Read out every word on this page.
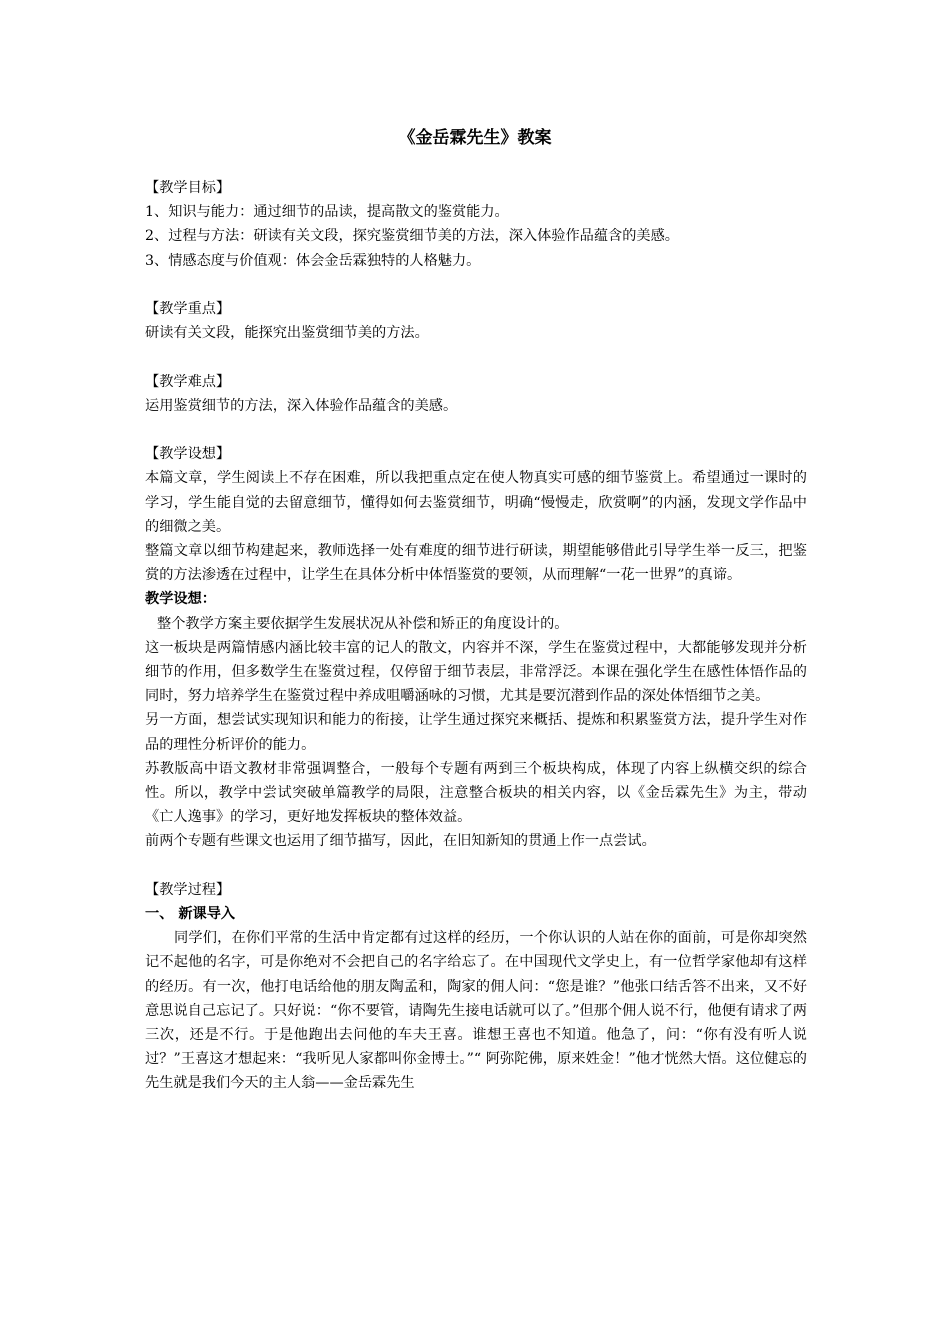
《金岳霖先生》教案

【教学目标】

1、知识与能力：通过细节的品读，提高散文的鉴赏能力。

2、过程与方法：研读有关文段，探究鉴赏细节美的方法，深入体验作品蕴含的美感。

3、情感态度与价值观：体会金岳霖独特的人格魅力。

【教学重点】

研读有关文段，能探究出鉴赏细节美的方法。

【教学难点】

运用鉴赏细节的方法，深入体验作品蕴含的美感。

【教学设想】

本篇文章，学生阅读上不存在困难，所以我把重点定在使人物真实可感的细节鉴赏上。希望通过一课时的学习，学生能自觉的去留意细节，懂得如何去鉴赏细节，明确“慢慢走，欣赏啊”的内涵，发现文学作品中的细微之美。

整篇文章以细节构建起来，教师选择一处有难度的细节进行研读，期望能够借此引导学生举一反三，把鉴赏的方法渗透在过程中，让学生在具体分析中体悟鉴赏的要领，从而理解“一花一世界”的真谛。

教学设想：

整个教学方案主要依据学生发展状况从补偿和矫正的角度设计的。

这一板块是两篇情感内涵比较丰富的记人的散文，内容并不深，学生在鉴赏过程中，大都能够发现并分析细节的作用，但多数学生在鉴赏过程，仅停留于细节表层，非常浮泛。本课在强化学生在感性体悟作品的同时，努力培养学生在鉴赏过程中养成咀嚼涵咏的习惯，尤其是要沉潜到作品的深处体悟细节之美。

另一方面，想尝试实现知识和能力的衔接，让学生通过探究来概括、提炼和积累鉴赏方法，提升学生对作品的理性分析评价的能力。

苏教版高中语文教材非常强调整合，一般每个专题有两到三个板块构成，体现了内容上纵横交织的综合性。所以，教学中尝试突破单篇教学的局限，注意整合板块的相关内容，以《金岳霖先生》为主，带动《亡人逸事》的学习，更好地发挥板块的整体效益。

前两个专题有些课文也运用了细节描写，因此，在旧知新知的贯通上作一点尝试。

【教学过程】

一、 新课导入

同学们，在你们平常的生活中肯定都有过这样的经历，一个你认识的人站在你的面前，可是你却突然记不起他的名字，可是你绝对不会把自己的名字给忘了。在中国现代文学史上，有一位哲学家他却有这样的经历。有一次，他打电话给他的朋友陶孟和，陶家的佣人问：“您是谁？”他张口结舌答不出来，又不好意思说自己忘记了。只好说：“你不要管，请陶先生接电话就可以了。”但那个佣人说不行，他便有请求了两三次，还是不行。于是他跑出去问他的车夫王喜。谁想王喜也不知道。他急了，问：“你有没有听人说过？”王喜这才想起来：“我听见人家都叫你金博士。”“ 阿弥陀佛，原来姓金！”他才恍然大悟。这位健忘的先生就是我们今天的主人翁——金岳霖先生
